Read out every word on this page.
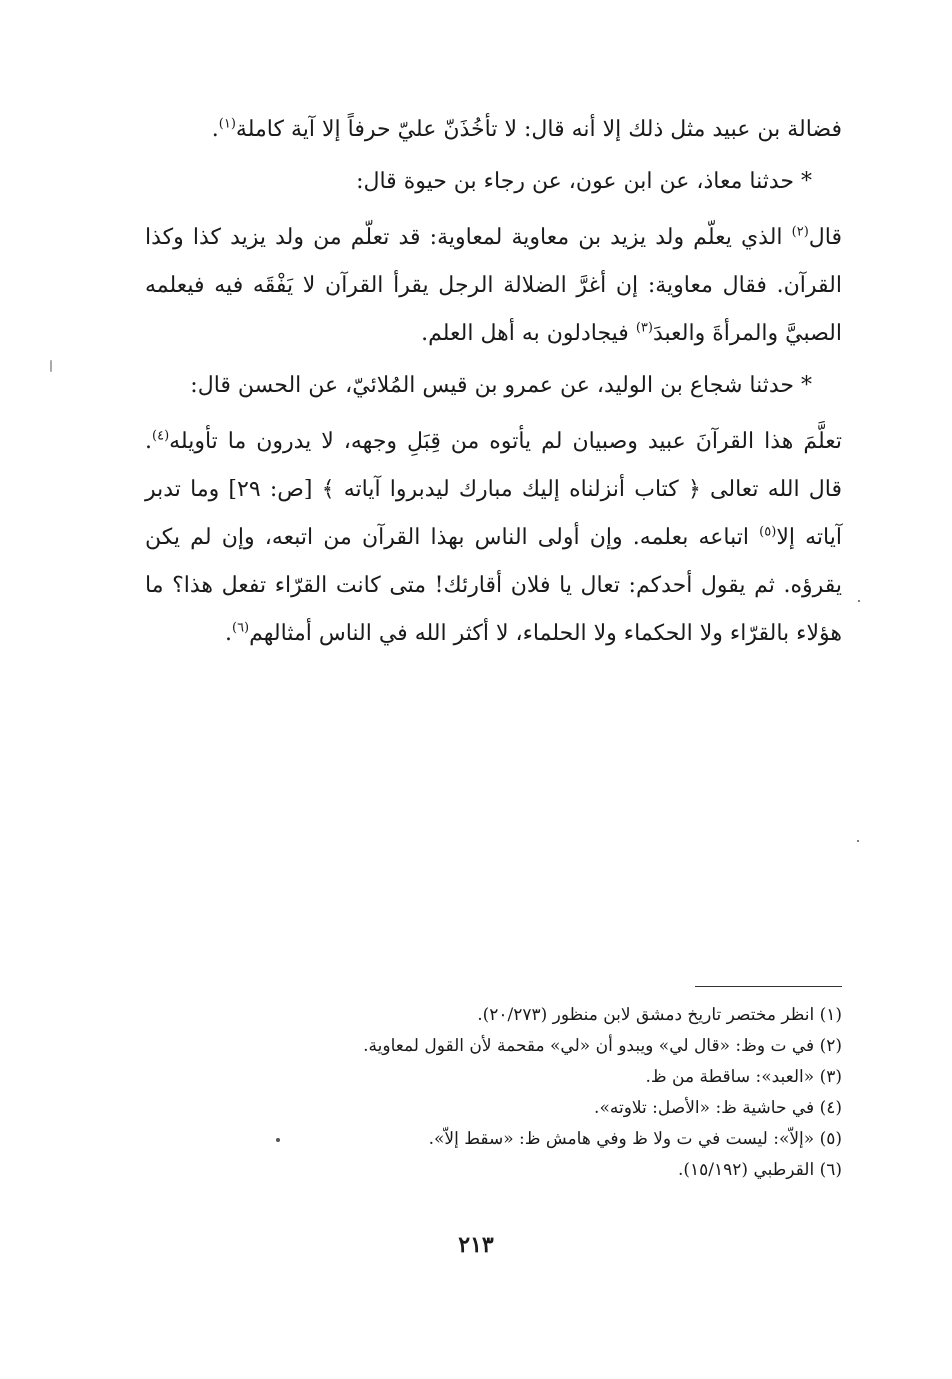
فضالة بن عبيد مثل ذلك إلا أنه قال: لا تأخُذَنّ عليّ حرفاً إلا آية كاملة$^{(١)}$.

* حدثنا معاذ، عن ابن عون، عن رجاء بن حيوة قال:

قال$^{(٢)}$ الذي يعلّم ولد يزيد بن معاوية لمعاوية: قد تعلّم من ولد يزيد كذا وكذا القرآن. فقال معاوية: إن أغرَّ الضلالة الرجل يقرأ القرآن لا يَفْقَه فيه فيعلمه الصبيَّ والمرأةَ والعبدَ$^{(٣)}$ فيجادلون به أهل العلم.

* حدثنا شجاع بن الوليد، عن عمرو بن قيس المُلائيّ، عن الحسن قال:

تعلَّمَ هذا القرآنَ عبيد وصبيان لم يأتوه من قِبَلِ وجهه، لا يدرون ما تأويله$^{(٤)}$. قال الله تعالى ﴿ كتاب أنزلناه إليك مبارك ليدبروا آياته ﴾ [ص: ٢٩] وما تدبر آياته إلا$^{(٥)}$ اتباعه بعلمه. وإن أولى الناس بهذا القرآن من اتبعه، وإن لم يكن يقرؤه. ثم يقول أحدكم: تعال يا فلان أقارئك! متى كانت القرّاء تفعل هذا؟ ما هؤلاء بالقرّاء ولا الحكماء ولا الحلماء، لا أكثر الله في الناس أمثالهم$^{(٦)}$.

(١) انظر مختصر تاريخ دمشق لابن منظور (٢٠/٢٧٣).

(٢) في ت وظ: «قال لي» ويبدو أن «لي» مقحمة لأن القول لمعاوية.

(٣) «العبد»: ساقطة من ظ.

(٤) في حاشية ظ: «الأصل: تلاوته».

(٥) «إلاّ»: ليست في ت ولا ظ وفي هامش ظ: «سقط إلاّ».

(٦) القرطبي (١٥/١٩٢).

٢١٣
